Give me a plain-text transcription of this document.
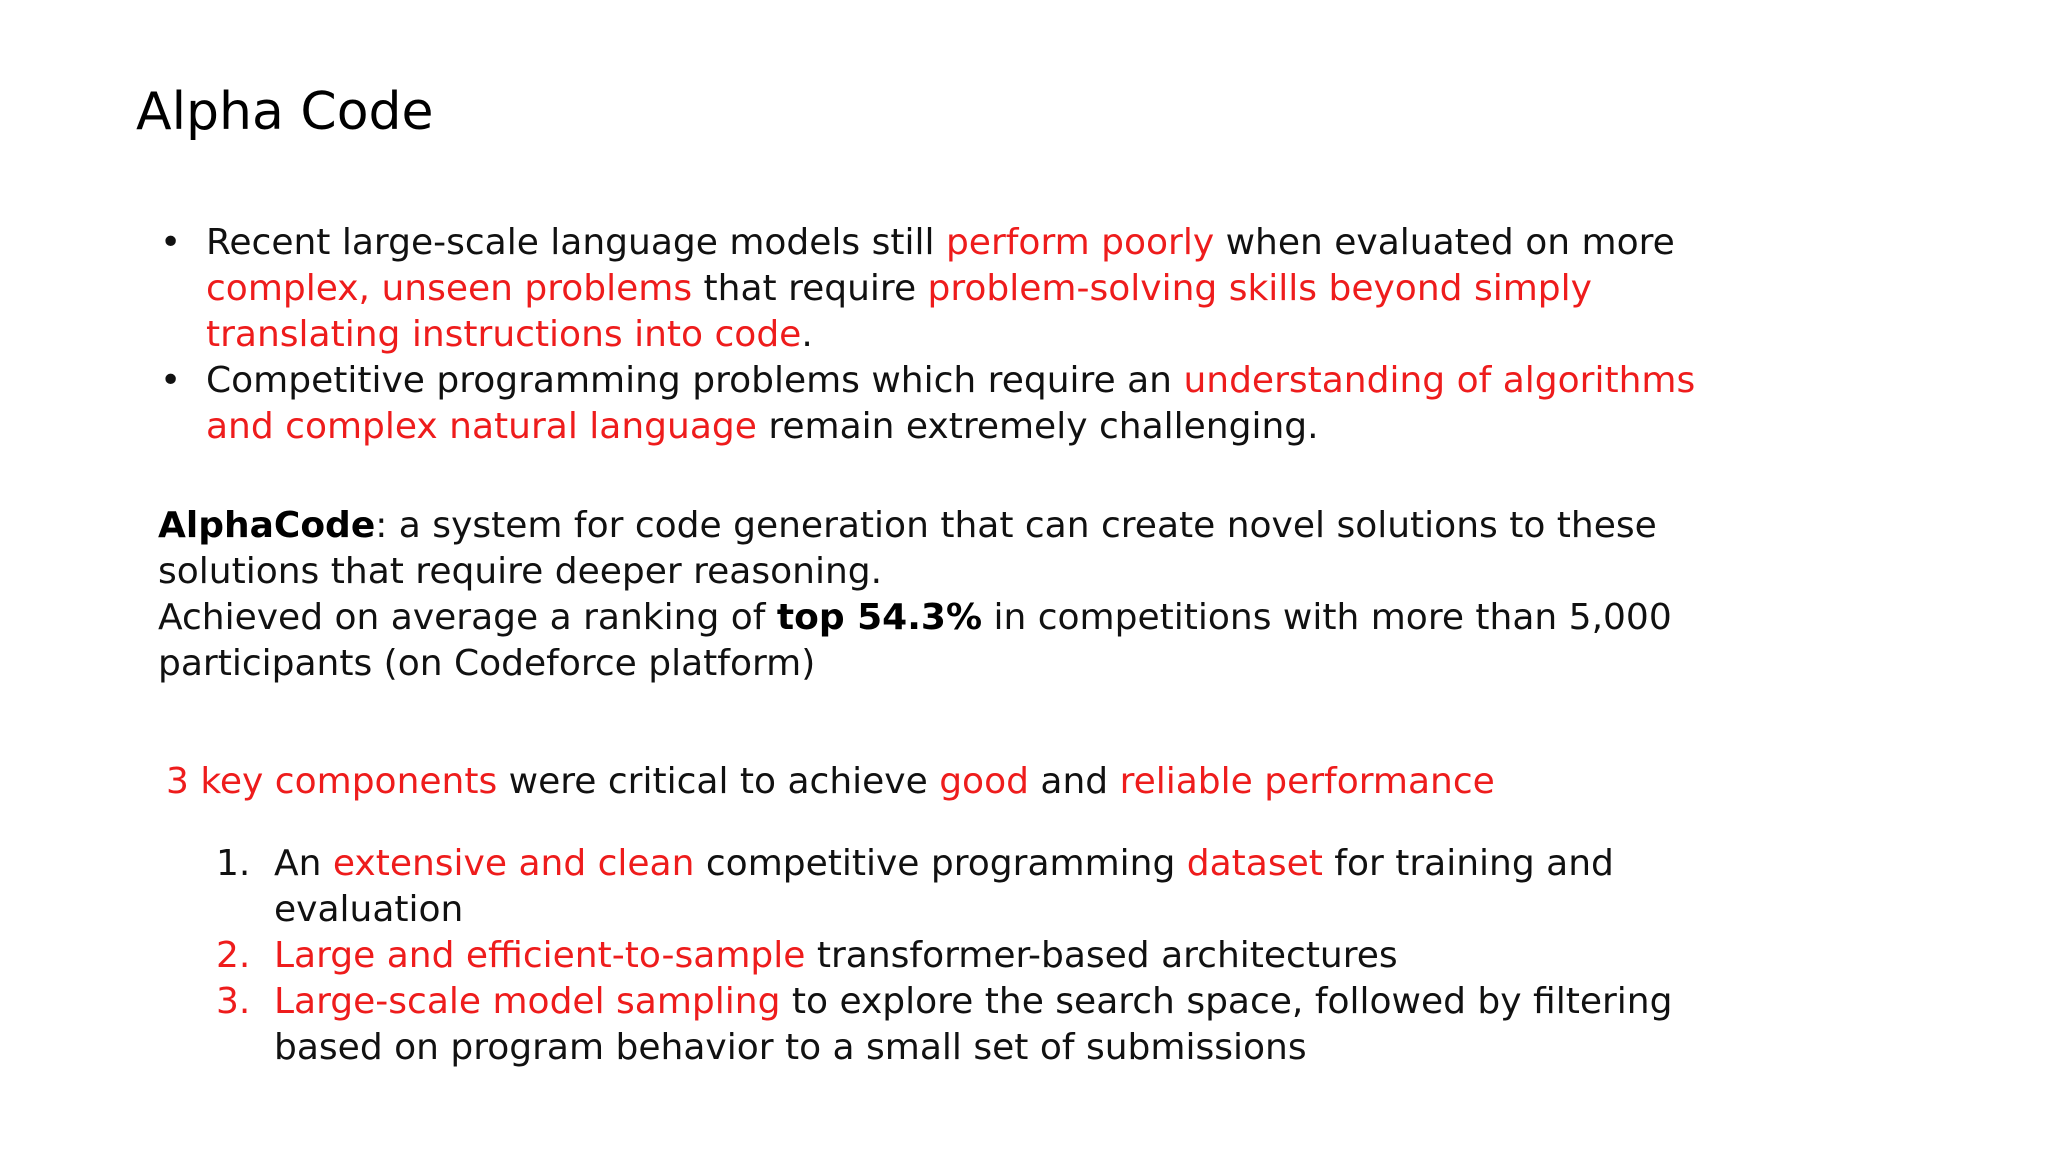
Alpha Code
• Recent large-scale language models still perform poorly when evaluated on more complex, unseen problems that require problem-solving skills beyond simply translating instructions into code.
• Competitive programming problems which require an understanding of algorithms and complex natural language remain extremely challenging.
AlphaCode: a system for code generation that can create novel solutions to these solutions that require deeper reasoning.
Achieved on average a ranking of top 54.3% in competitions with more than 5,000 participants (on Codeforce platform)
3 key components were critical to achieve good and reliable performance
1. An extensive and clean competitive programming dataset for training and evaluation
2. Large and efficient-to-sample transformer-based architectures
3. Large-scale model sampling to explore the search space, followed by filtering based on program behavior to a small set of submissions
